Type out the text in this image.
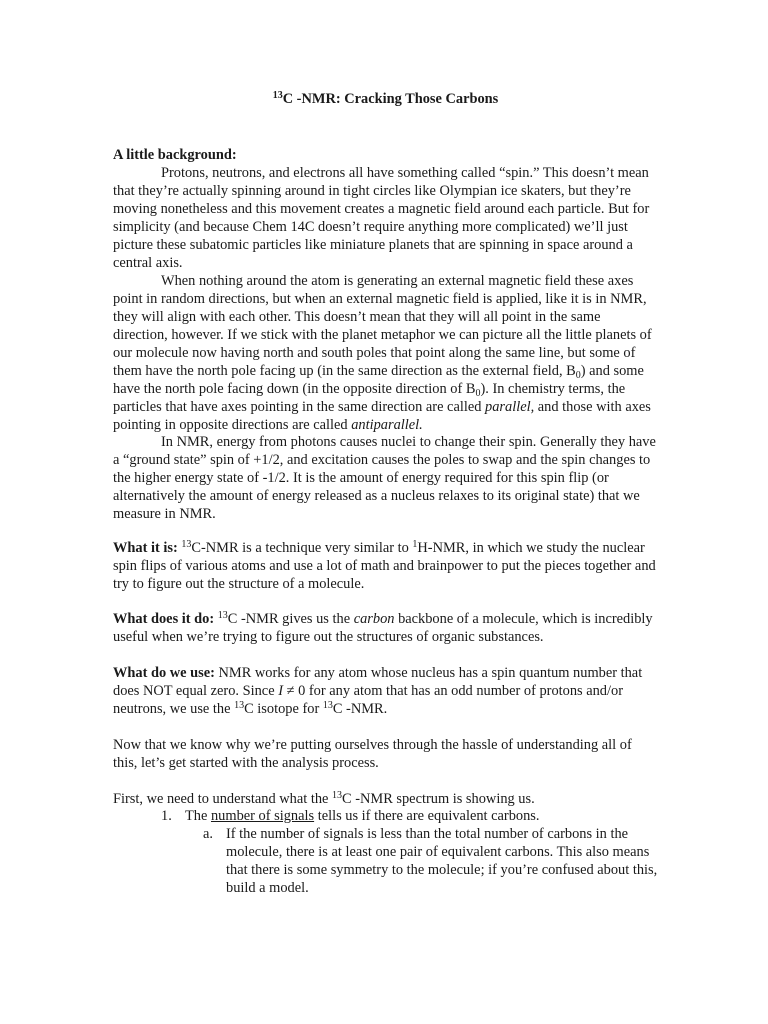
$^{13}$C -NMR: Cracking Those Carbons

A little background:

Protons, neutrons, and electrons all have something called “spin.” This doesn’t mean that they’re actually spinning around in tight circles like Olympian ice skaters, but they’re moving nonetheless and this movement creates a magnetic field around each particle. But for simplicity (and because Chem 14C doesn’t require anything more complicated) we’ll just picture these subatomic particles like miniature planets that are spinning in space around a central axis.

When nothing around the atom is generating an external magnetic field these axes point in random directions, but when an external magnetic field is applied, like it is in NMR, they will align with each other. This doesn’t mean that they will all point in the same direction, however. If we stick with the planet metaphor we can picture all the little planets of our molecule now having north and south poles that point along the same line, but some of them have the north pole facing up (in the same direction as the external field, $B_0$) and some have the north pole facing down (in the opposite direction of $B_0$). In chemistry terms, the particles that have axes pointing in the same direction are called parallel, and those with axes pointing in opposite directions are called antiparallel.

In NMR, energy from photons causes nuclei to change their spin. Generally they have a “ground state” spin of +1/2, and excitation causes the poles to swap and the spin changes to the higher energy state of -1/2. It is the amount of energy required for this spin flip (or alternatively the amount of energy released as a nucleus relaxes to its original state) that we measure in NMR.

What it is: $^{13}$C-NMR is a technique very similar to $^1$H-NMR, in which we study the nuclear spin flips of various atoms and use a lot of math and brainpower to put the pieces together and try to figure out the structure of a molecule.

What does it do: $^{13}$C -NMR gives us the carbon backbone of a molecule, which is incredibly useful when we’re trying to figure out the structures of organic substances.

What do we use: NMR works for any atom whose nucleus has a spin quantum number that does NOT equal zero. Since I ≠ 0 for any atom that has an odd number of protons and/or neutrons, we use the $^{13}$C isotope for $^{13}$C -NMR.

Now that we know why we’re putting ourselves through the hassle of understanding all of this, let’s get started with the analysis process.

First, we need to understand what the $^{13}$C -NMR spectrum is showing us.

1. The number of signals tells us if there are equivalent carbons.

a. If the number of signals is less than the total number of carbons in the molecule, there is at least one pair of equivalent carbons. This also means that there is some symmetry to the molecule; if you’re confused about this, build a model.
